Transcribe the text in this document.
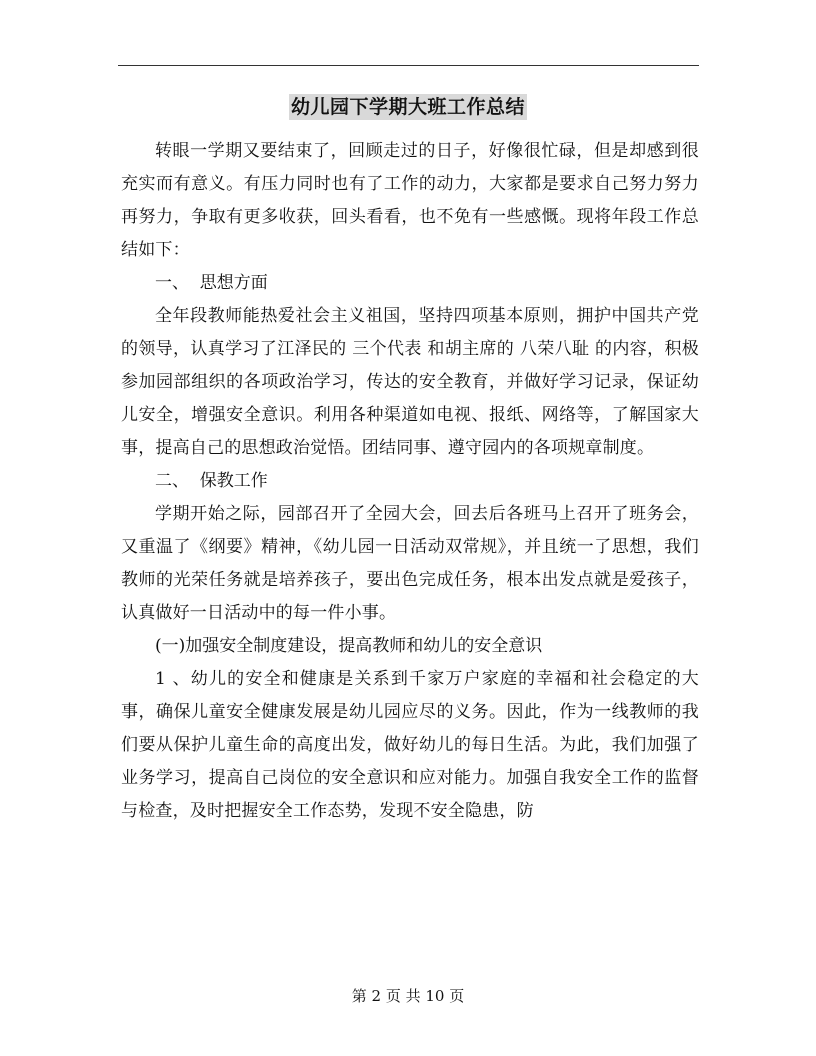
幼儿园下学期大班工作总结

转眼一学期又要结束了，回顾走过的日子，好像很忙碌，但是却感到很充实而有意义。有压力同时也有了工作的动力，大家都是要求自己努力努力再努力，争取有更多收获，回头看看，也不免有一些感慨。现将年段工作总结如下：

一、  思想方面

全年段教师能热爱社会主义祖国，坚持四项基本原则，拥护中国共产党的领导，认真学习了江泽民的 三个代表 和胡主席的 八荣八耻 的内容，积极参加园部组织的各项政治学习，传达的安全教育，并做好学习记录，保证幼儿安全，增强安全意识。利用各种渠道如电视、报纸、网络等，了解国家大事，提高自己的思想政治觉悟。团结同事、遵守园内的各项规章制度。

二、  保教工作

学期开始之际，园部召开了全园大会，回去后各班马上召开了班务会，又重温了《纲要》精神，《幼儿园一日活动双常规》，并且统一了思想，我们教师的光荣任务就是培养孩子，要出色完成任务，根本出发点就是爱孩子，认真做好一日活动中的每一件小事。

(一)加强安全制度建设，提高教师和幼儿的安全意识

1 、幼儿的安全和健康是关系到千家万户家庭的幸福和社会稳定的大事，确保儿童安全健康发展是幼儿园应尽的义务。因此，作为一线教师的我们要从保护儿童生命的高度出发，做好幼儿的每日生活。为此，我们加强了业务学习，提高自己岗位的安全意识和应对能力。加强自我安全工作的监督与检查，及时把握安全工作态势，发现不安全隐患，防

第 2 页 共 10 页
